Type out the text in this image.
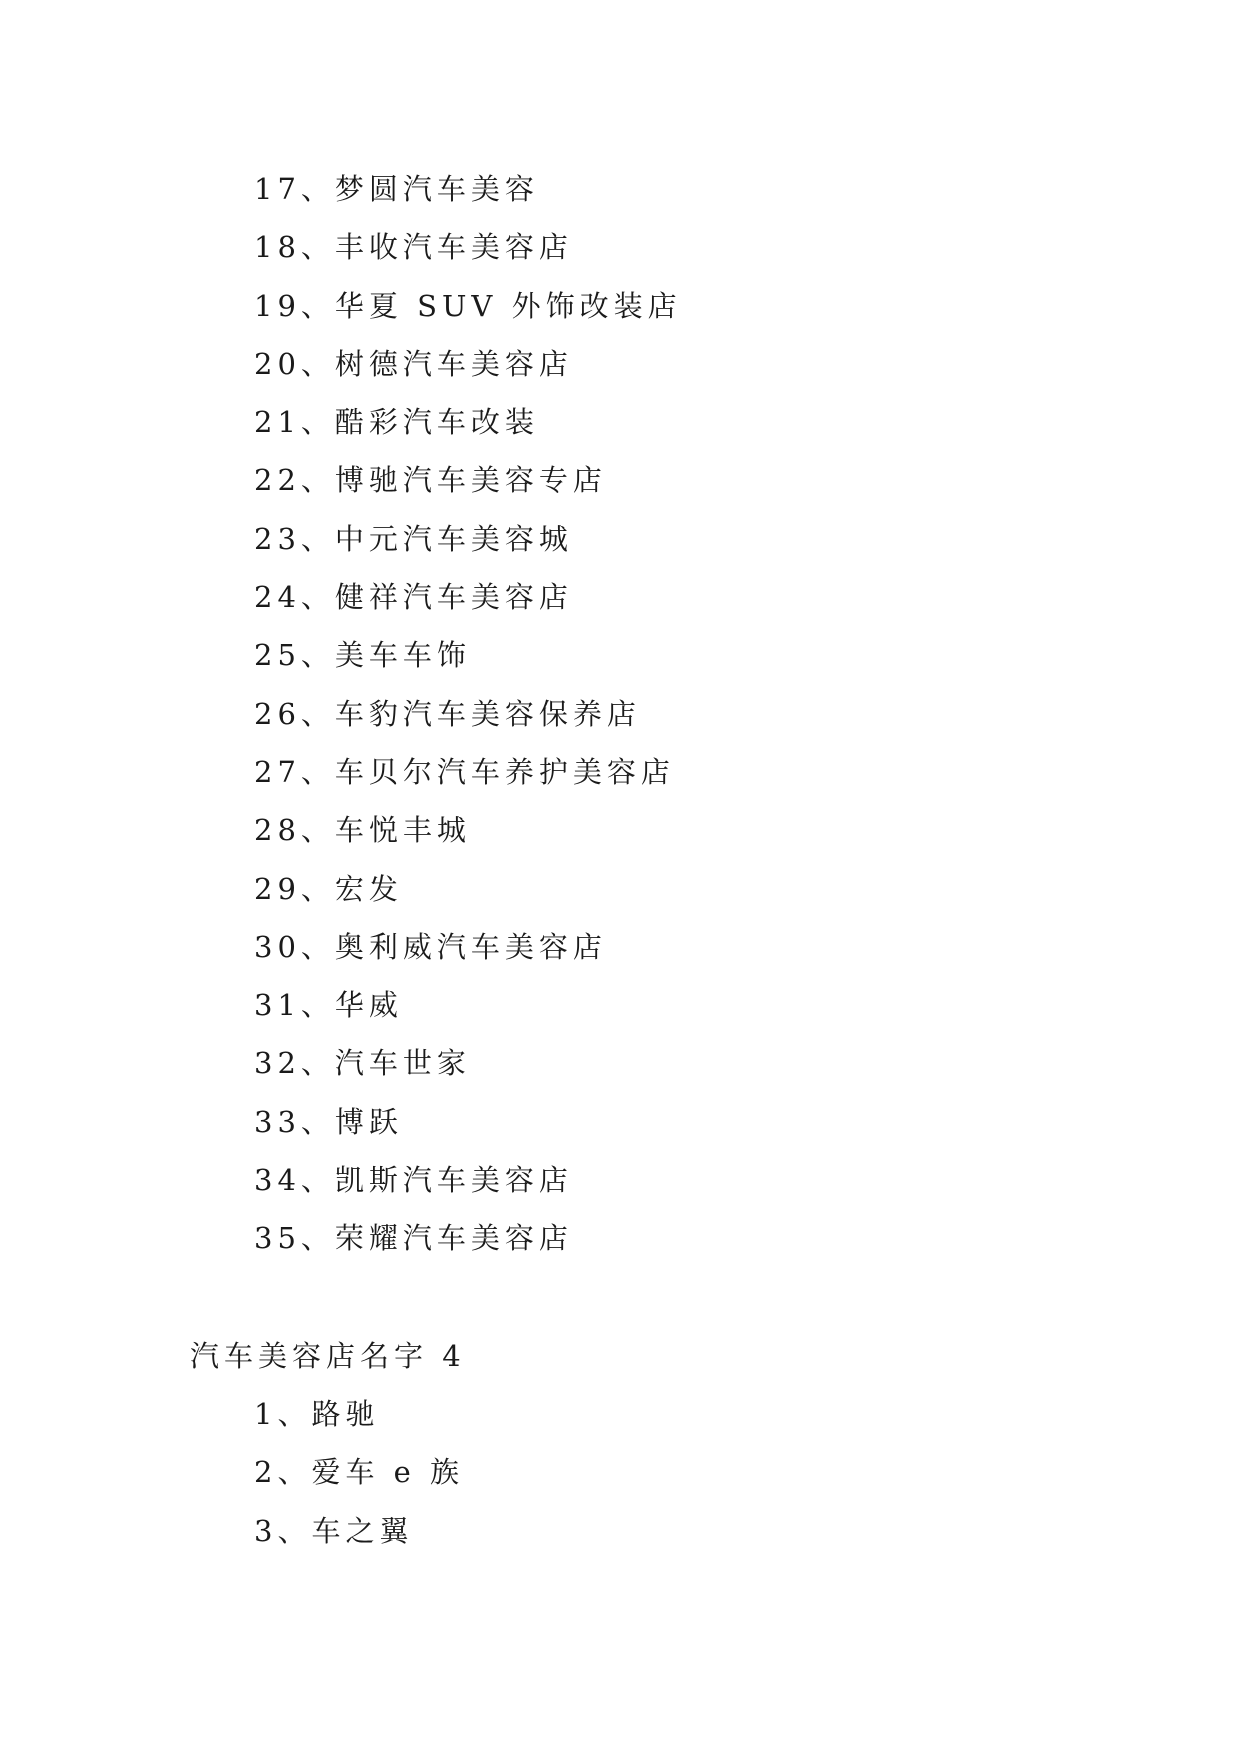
17、梦圆汽车美容
18、丰收汽车美容店
19、华夏 SUV 外饰改装店
20、树德汽车美容店
21、酷彩汽车改装
22、博驰汽车美容专店
23、中元汽车美容城
24、健祥汽车美容店
25、美车车饰
26、车豹汽车美容保养店
27、车贝尔汽车养护美容店
28、车悦丰城
29、宏发
30、奥利威汽车美容店
31、华威
32、汽车世家
33、博跃
34、凯斯汽车美容店
35、荣耀汽车美容店
汽车美容店名字 4
1、路驰
2、爱车 e 族
3、车之翼
